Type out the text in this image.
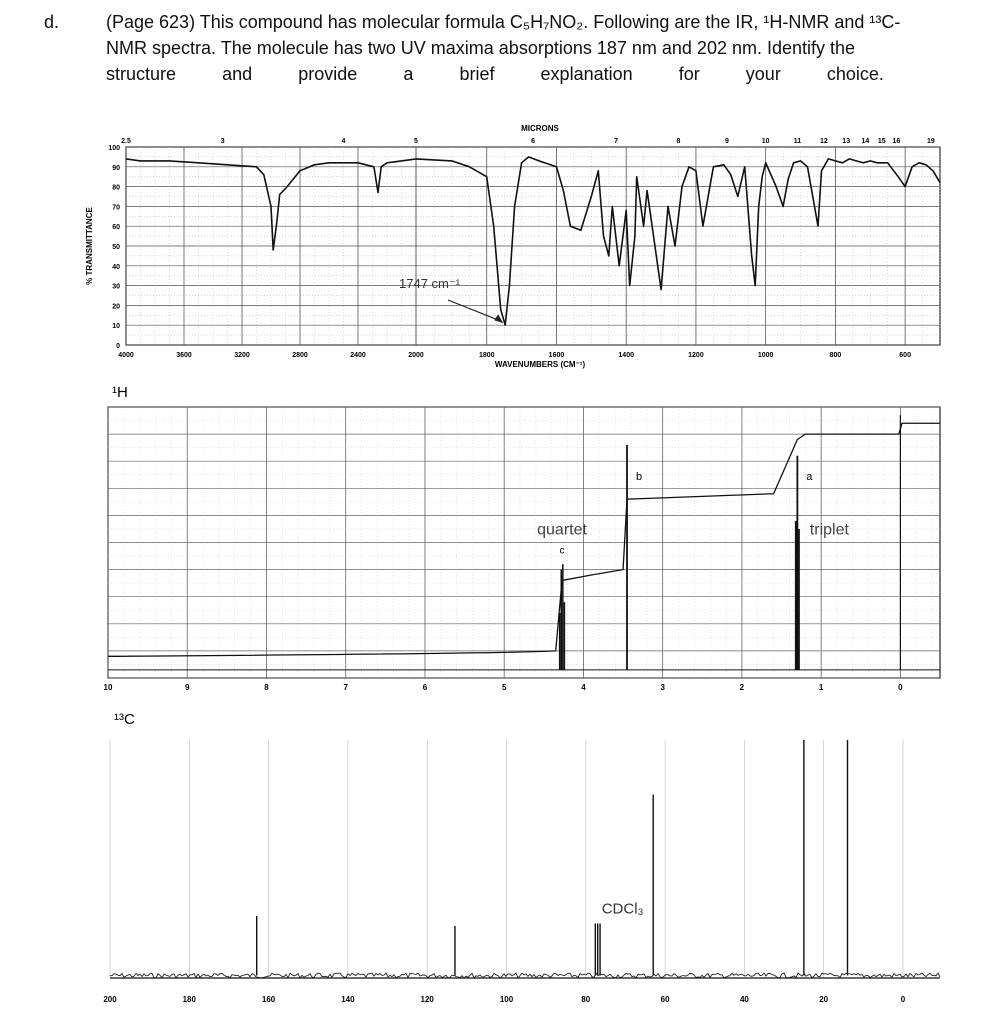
d.	(Page 623) This compound has molecular formula C₅H₇NO₂. Following are the IR, ¹H-NMR and ¹³C-
NMR spectra. The molecule has two UV maxima absorptions 187 nm and 202 nm. Identify the
structure	and	provide	a	brief	explanation	for	your	choice.
100
90
80
70
60
50
40
30
20
10
0
% TRANSMITTANCE
4000	3600	3200	2800	2400	2000	1800	1600	1400	1200	1000	800	600
WAVENUMBERS (CM⁻¹)
2.5	3	4	5	6	7	8	9	10	11	12 13 14 15 16	19
MICRONS
1747 cm⁻¹
¹H
10	9	8	7	6	5	4	3	2	1	0
quartet
c
b	a
triplet
¹³C
200	180	160	140	120	100	80	60	40	20	0
CDCl₃
